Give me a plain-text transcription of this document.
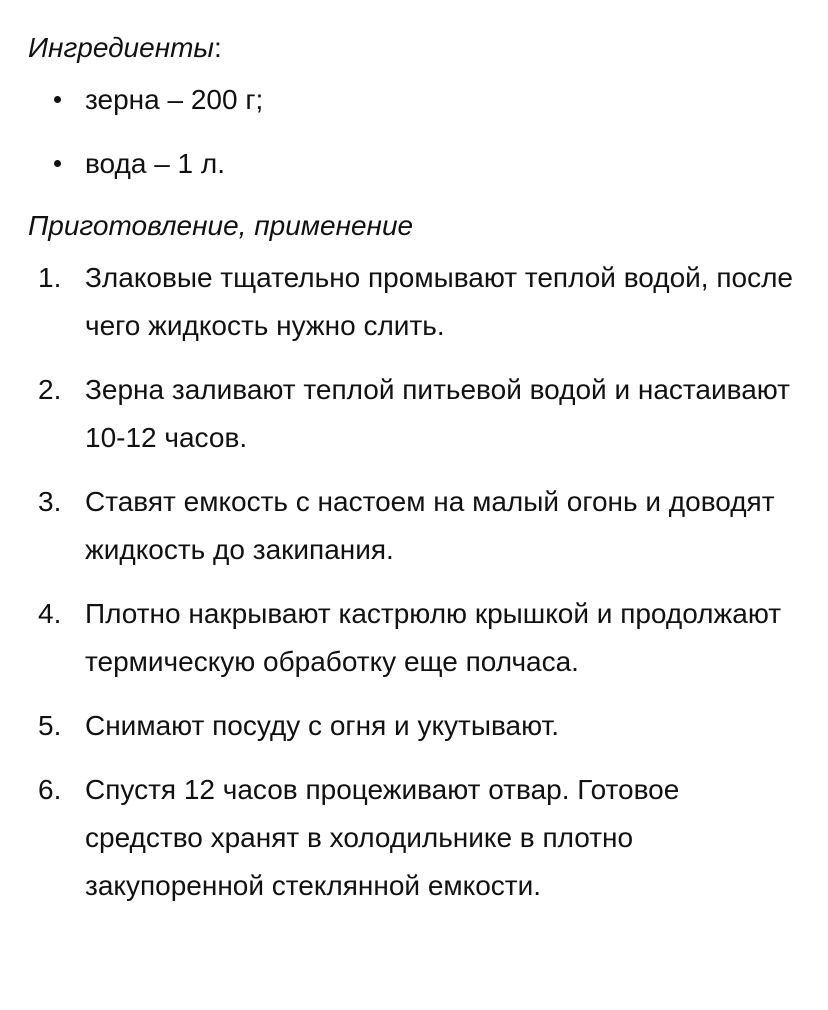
Ингредиенты:

зерна – 200 г;
вода – 1 л.

Приготовление, применение

1. Злаковые тщательно промывают теплой водой, после чего жидкость нужно слить.
2. Зерна заливают теплой питьевой водой и настаивают 10-12 часов.
3. Ставят емкость с настоем на малый огонь и доводят жидкость до закипания.
4. Плотно накрывают кастрюлю крышкой и продолжают термическую обработку еще полчаса.
5. Снимают посуду с огня и укутывают.
6. Спустя 12 часов процеживают отвар. Готовое средство хранят в холодильнике в плотно закупоренной стеклянной емкости.
